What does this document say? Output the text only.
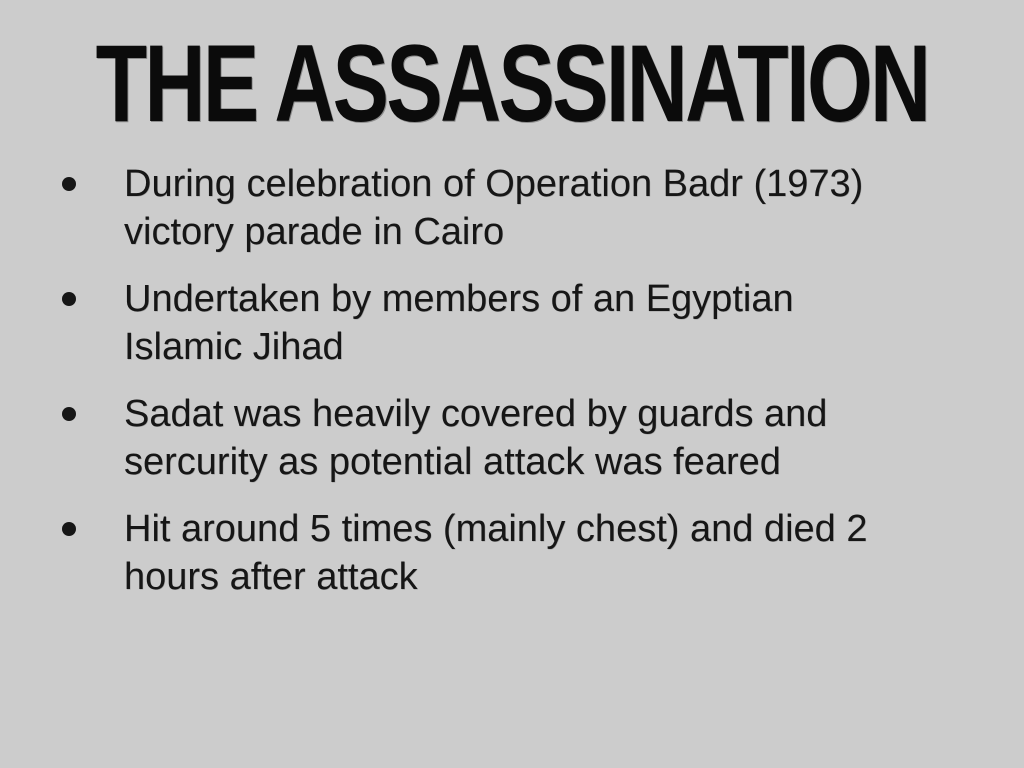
THE ASSASSINATION
During celebration of Operation Badr (1973) victory parade in Cairo
Undertaken by members of an Egyptian Islamic Jihad
Sadat was heavily covered by guards and sercurity as potential attack was feared
Hit around 5 times (mainly chest) and died 2 hours after attack
